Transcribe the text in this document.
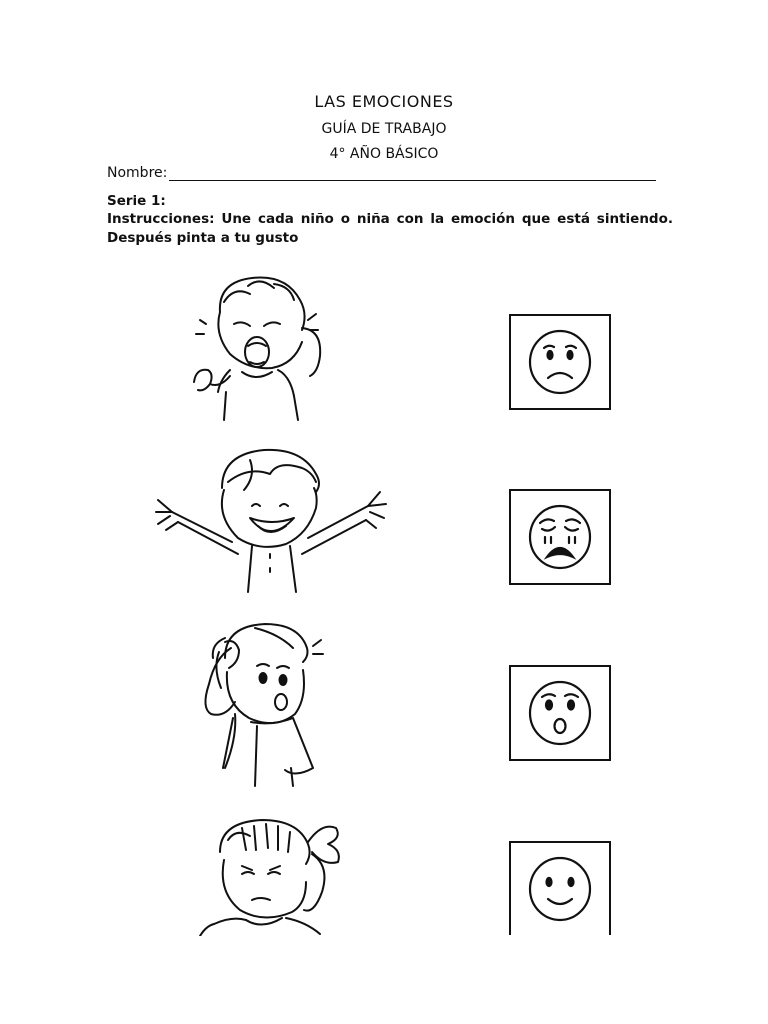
LAS EMOCIONES
GUÍA DE TRABAJO
4° AÑO BÁSICO
Nombre:
Serie 1:
Instrucciones: Une cada niño o niña con la emoción que está sintiendo. Después pinta a tu gusto
